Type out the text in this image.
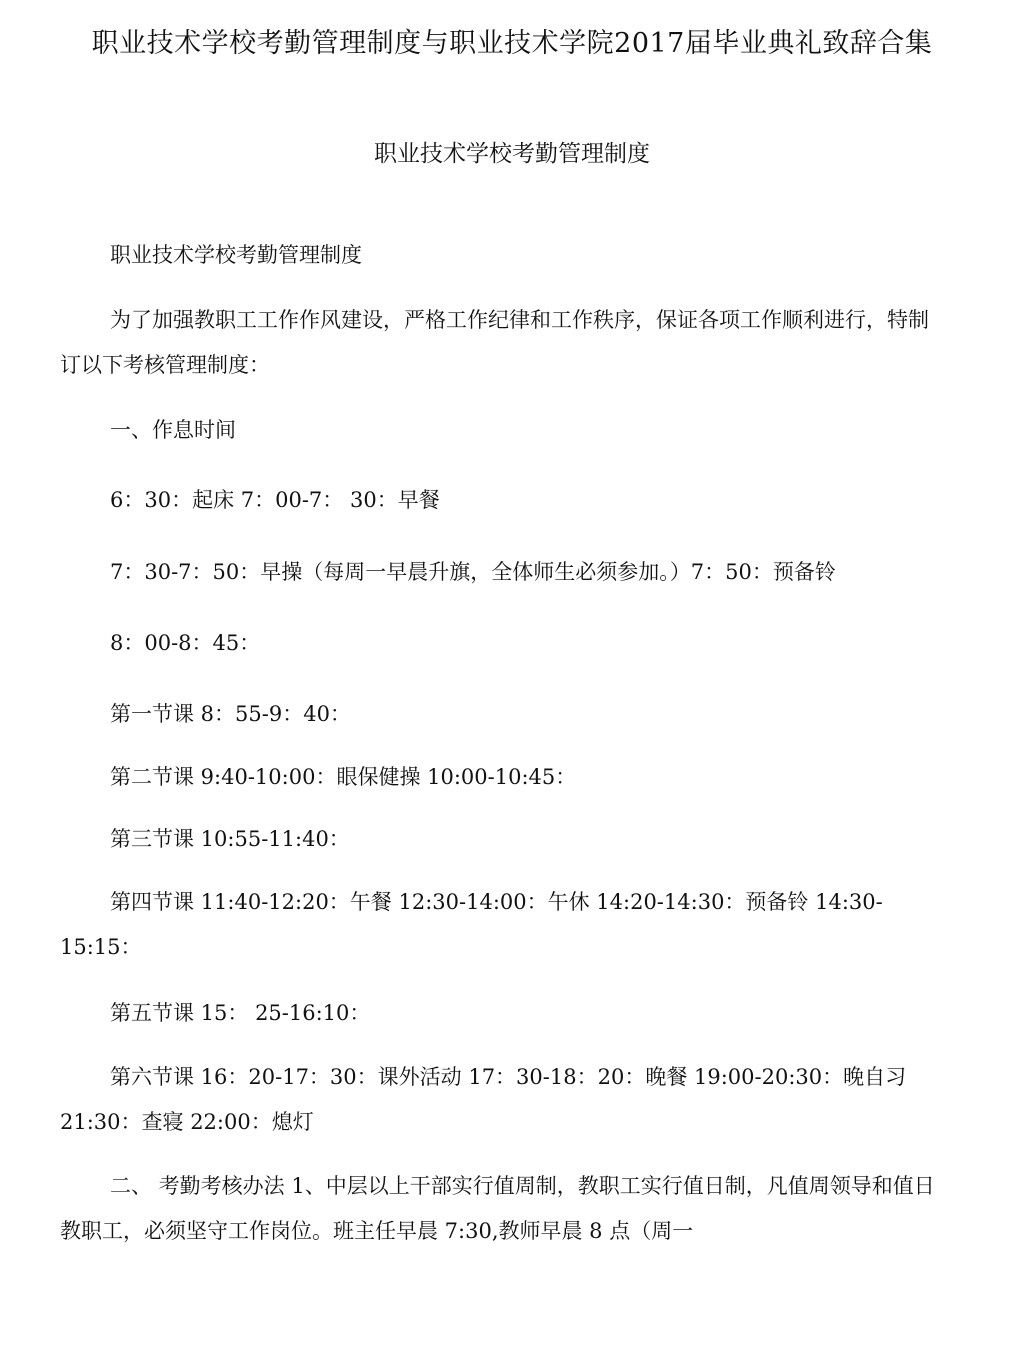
职业技术学校考勤管理制度与职业技术学院2017届毕业典礼致辞合集
职业技术学校考勤管理制度

职业技术学校考勤管理制度

为了加强教职工工作作风建设，严格工作纪律和工作秩序，保证各项工作顺利进行，特制订以下考核管理制度：

一、作息时间

6：30：起床 7：00-7： 30：早餐

7：30-7：50：早操（每周一早晨升旗，全体师生必须参加。）7：50：预备铃

8：00-8：45：

第一节课 8：55-9：40：

第二节课 9:40-10:00：眼保健操 10:00-10:45：

第三节课 10:55-11:40：

第四节课 11:40-12:20：午餐 12:30-14:00：午休 14:20-14:30：预备铃 14:30-15:15：

第五节课 15： 25-16:10：

第六节课 16：20-17：30：课外活动 17：30-18：20：晚餐 19:00-20:30：晚自习 21:30：查寝 22:00：熄灯

二、 考勤考核办法 1、中层以上干部实行值周制，教职工实行值日制，凡值周领导和值日教职工，必须坚守工作岗位。班主任早晨 7:30,教师早晨 8 点（周一
